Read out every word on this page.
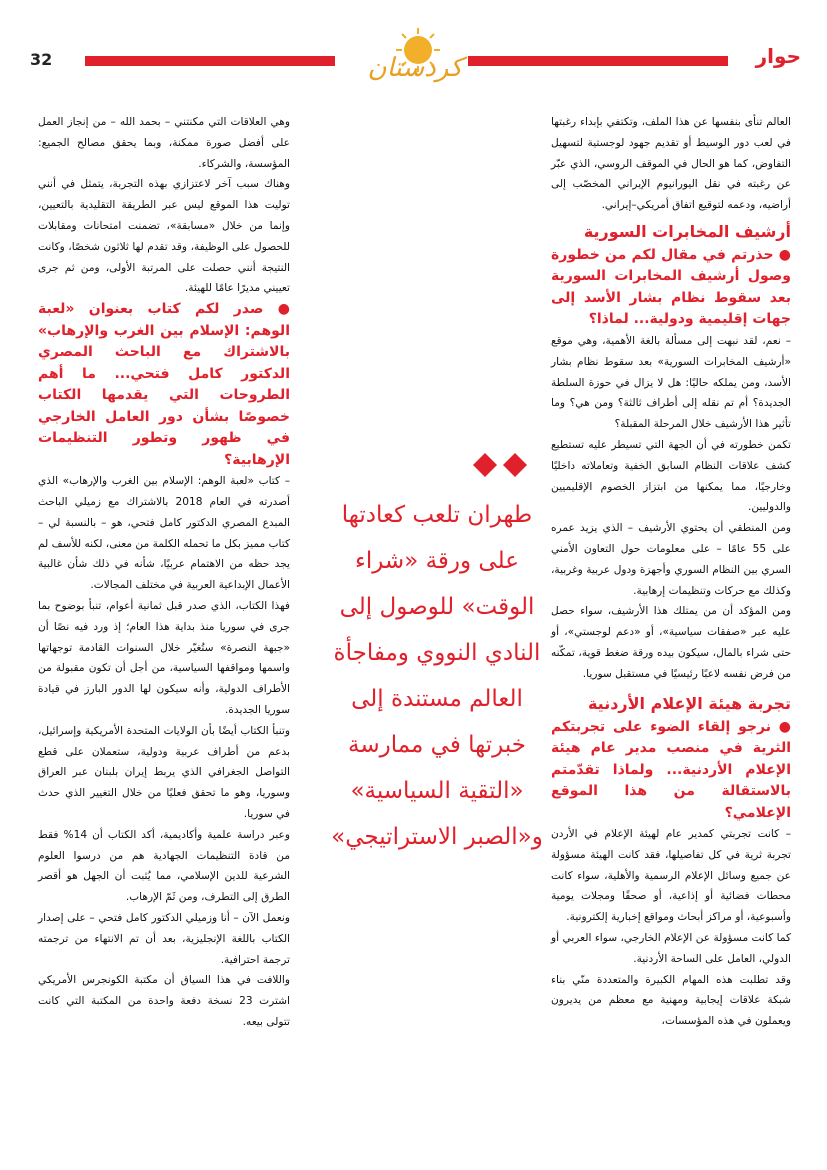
32	حوار
كردستان

العالم تنأى بنفسها عن هذا الملف، وتكتفي بإبداء رغبتها في لعب دور الوسيط أو تقديم جهود لوجستية لتسهيل التفاوض، كما هو الحال في الموقف الروسي، الذي عبّر عن رغبته في نقل اليورانيوم الإيراني المخصّب إلى أراضيه، ودعمه لتوقيع اتفاق أمريكي–إيراني.

أرشيف المخابرات السورية

● حذرتم في مقال لكم من خطورة وصول أرشيف المخابرات السورية بعد سقوط نظام بشار الأسد إلى جهات إقليمية ودولية... لماذا؟

– نعم، لقد نبهت إلى مسألة بالغة الأهمية، وهي موقع «أرشيف المخابرات السورية» بعد سقوط نظام بشار الأسد، ومن يملكه حاليًا: هل لا يزال في حوزة السلطة الجديدة؟ أم تم نقله إلى أطراف ثالثة؟ ومن هي؟ وما تأثير هذا الأرشيف خلال المرحلة المقبلة؟

تكمن خطورته في أن الجهة التي تسيطر عليه تستطيع كشف علاقات النظام السابق الخفية وتعاملاته داخليًا وخارجيًا، مما يمكنها من ابتزاز الخصوم الإقليميين والدوليين.

ومن المنطقي أن يحتوي الأرشيف – الذي يزيد عمره على 55 عامًا – على معلومات حول التعاون الأمني السري بين النظام السوري وأجهزة ودول عربية وغربية، وكذلك مع حركات وتنظيمات إرهابية.

ومن المؤكد أن من يمتلك هذا الأرشيف، سواء حصل عليه عبر «صفقات سياسية»، أو «دعم لوجستي»، أو حتى شراء بالمال، سيكون بيده ورقة ضغط قوية، تمكّنه من فرض نفسه لاعبًا رئيسيًا في مستقبل سوريا.

تجربة هيئة الإعلام الأردنية

● نرجو إلقاء الضوء على تجربتكم الثرية في منصب مدير عام هيئة الإعلام الأردنية... ولماذا تقدّمتم بالاستقالة من هذا الموقع الإعلامي؟

– كانت تجربتي كمدير عام لهيئة الإعلام في الأردن تجربة ثرية في كل تفاصيلها، فقد كانت الهيئة مسؤولة عن جميع وسائل الإعلام الرسمية والأهلية، سواء كانت محطات فضائية أو إذاعية، أو صحفًا ومجلات يومية وأسبوعية، أو مراكز أبحاث ومواقع إخبارية إلكترونية.

كما كانت مسؤولة عن الإعلام الخارجي، سواء العربي أو الدولي، العامل على الساحة الأردنية.

وقد تطلبت هذه المهام الكبيرة والمتعددة منّي بناء شبكة علاقات إيجابية ومهنية مع معظم من يديرون ويعملون في هذه المؤسسات،

طهران تلعب كعادتها
على ورقة «شراء
الوقت» للوصول إلى
النادي النووي ومفاجأة
العالم مستندة إلى
خبرتها في ممارسة
«التقية السياسية»
و«الصبر الاستراتيجي»

وهي العلاقات التي مكنتني – بحمد الله – من إنجاز العمل على أفضل صورة ممكنة، وبما يحقق مصالح الجميع: المؤسسة، والشركاء.

وهناك سبب آخر لاعتزازي بهذه التجربة، يتمثل في أنني توليت هذا الموقع ليس عبر الطريقة التقليدية بالتعيين، وإنما من خلال «مسابقة»، تضمنت امتحانات ومقابلات للحصول على الوظيفة، وقد تقدم لها ثلاثون شخصًا، وكانت النتيجة أنني حصلت على المرتبة الأولى، ومن ثم جرى تعييني مديرًا عامًا للهيئة.

● صدر لكم كتاب بعنوان «لعبة الوهم: الإسلام بين الغرب والإرهاب» بالاشتراك مع الباحث المصري الدكتور كامل فتحي... ما أهم الطروحات التي يقدمها الكتاب خصوصًا بشأن دور العامل الخارجي في ظهور وتطور التنظيمات الإرهابية؟

– كتاب «لعبة الوهم: الإسلام بين الغرب والإرهاب» الذي أصدرته في العام 2018 بالاشتراك مع زميلي الباحث المبدع المصري الدكتور كامل فتحي، هو – بالنسبة لي – كتاب مميز بكل ما تحمله الكلمة من معنى، لكنه للأسف لم يجد حظه من الاهتمام عربيًا، شأنه في ذلك شأن غالبية الأعمال الإبداعية العربية في مختلف المجالات.

فهذا الكتاب، الذي صدر قبل ثمانية أعوام، تنبأ بوضوح بما جرى في سوريا منذ بداية هذا العام؛ إذ ورد فيه نصًا أن «جبهة النصرة» ستُغيّر خلال السنوات القادمة توجهاتها واسمها ومواقفها السياسية، من أجل أن تكون مقبولة من الأطراف الدولية، وأنه سيكون لها الدور البارز في قيادة سوريا الجديدة.

وتنبأ الكتاب أيضًا بأن الولايات المتحدة الأمريكية وإسرائيل، بدعم من أطراف عربية ودولية، ستعملان على قطع التواصل الجغرافي الذي يربط إيران بلبنان عبر العراق وسوريا، وهو ما تحقق فعليًا من خلال التغيير الذي حدث في سوريا.

وعبر دراسة علمية وأكاديمية، أكد الكتاب أن 14% فقط من قادة التنظيمات الجهادية هم من درسوا العلوم الشرعية للدين الإسلامي، مما يُثبت أن الجهل هو أقصر الطرق إلى التطرف، ومن ثَمّ الإرهاب.

ونعمل الآن – أنا وزميلي الدكتور كامل فتحي – على إصدار الكتاب باللغة الإنجليزية، بعد أن تم الانتهاء من ترجمته ترجمة احترافية.

واللافت في هذا السياق أن مكتبة الكونجرس الأمريكي اشترت 23 نسخة دفعة واحدة من المكتبة التي كانت تتولى بيعه.
